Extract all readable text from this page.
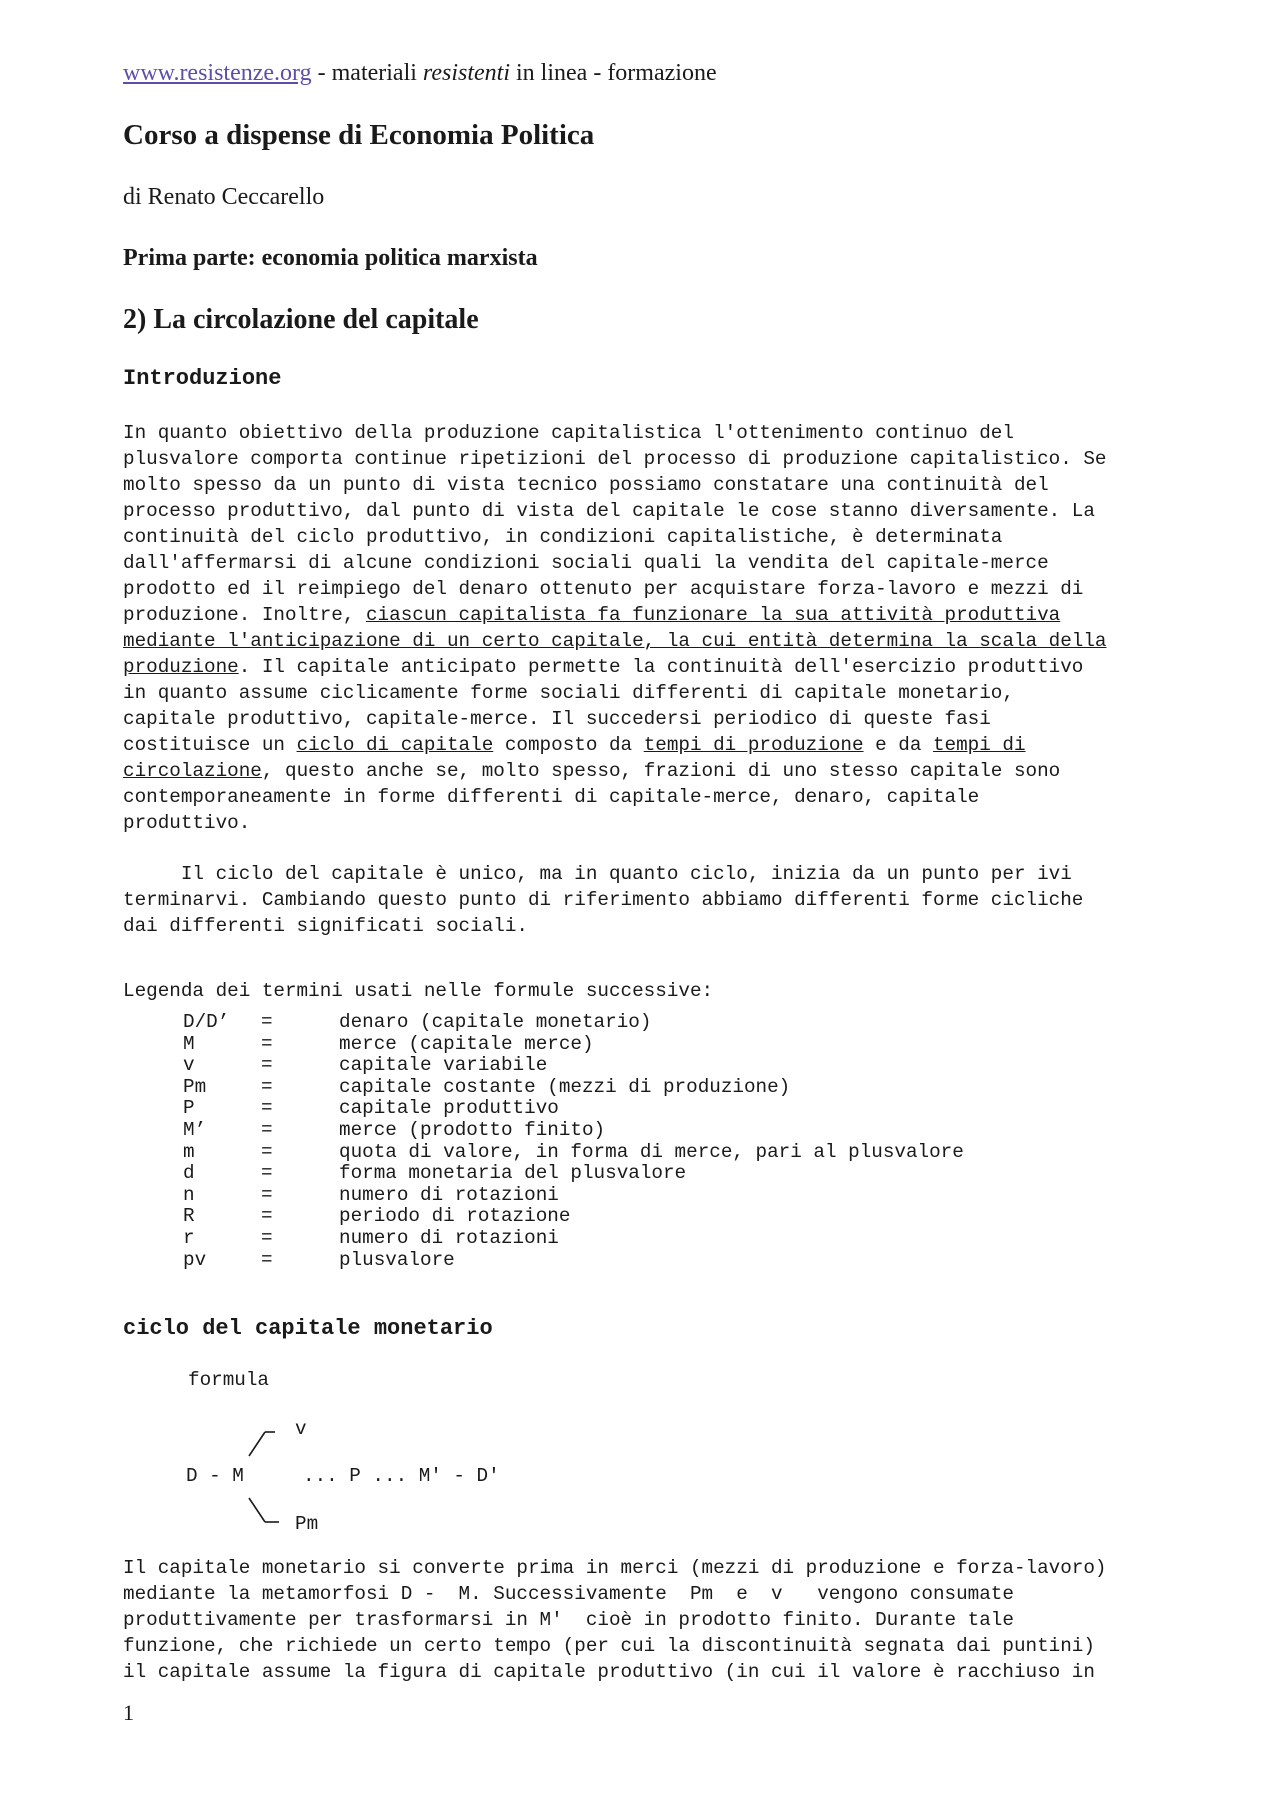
www.resistenze.org - materiali resistenti in linea - formazione
Corso a dispense di Economia Politica
di Renato Ceccarello
Prima parte: economia politica marxista
2) La circolazione del capitale
Introduzione
In quanto obiettivo della produzione capitalistica l'ottenimento continuo del
plusvalore comporta continue ripetizioni del processo di produzione capitalistico. Se
molto spesso da un punto di vista tecnico possiamo constatare una continuità del
processo produttivo, dal punto di vista del capitale le cose stanno diversamente. La
continuità del ciclo produttivo, in condizioni capitalistiche, è determinata
dall'affermarsi di alcune condizioni sociali quali la vendita del capitale-merce
prodotto ed il reimpiego del denaro ottenuto per acquistare forza-lavoro e mezzi di
produzione. Inoltre, ciascun capitalista fa funzionare la sua attività produttiva
mediante l'anticipazione di un certo capitale, la cui entità determina la scala della
produzione. Il capitale anticipato permette la continuità dell'esercizio produttivo
in quanto assume ciclicamente forme sociali differenti di capitale monetario,
capitale produttivo, capitale-merce. Il succedersi periodico di queste fasi
costituisce un ciclo di capitale composto da tempi di produzione e da tempi di
circolazione, questo anche se, molto spesso, frazioni di uno stesso capitale sono
contemporaneamente in forme differenti di capitale-merce, denaro, capitale
produttivo.
Il ciclo del capitale è unico, ma in quanto ciclo, inizia da un punto per ivi
terminarvi. Cambiando questo punto di riferimento abbiamo differenti forme cicliche
dai differenti significati sociali.
Legenda dei termini usati nelle formule successive:
D/D’ =	denaro (capitale monetario)
M	=	merce (capitale merce)
v	=	capitale variabile
Pm	=	capitale costante (mezzi di produzione)
P	=	capitale produttivo
M’	=	merce (prodotto finito)
m	=	quota di valore, in forma di merce, pari al plusvalore
d	=	forma monetaria del plusvalore
n	=	numero di rotazioni
R	=	periodo di rotazione
r	=	numero di rotazioni
pv	=	plusvalore
ciclo del capitale monetario
formula
v
D - M	... P ... M' - D'
Pm
Il capitale monetario si converte prima in merci (mezzi di produzione e forza-lavoro)
mediante la metamorfosi D -  M. Successivamente  Pm  e  v   vengono consumate
produttivamente per trasformarsi in M'  cioè in prodotto finito. Durante tale
funzione, che richiede un certo tempo (per cui la discontinuità segnata dai puntini)
il capitale assume la figura di capitale produttivo (in cui il valore è racchiuso in
1
